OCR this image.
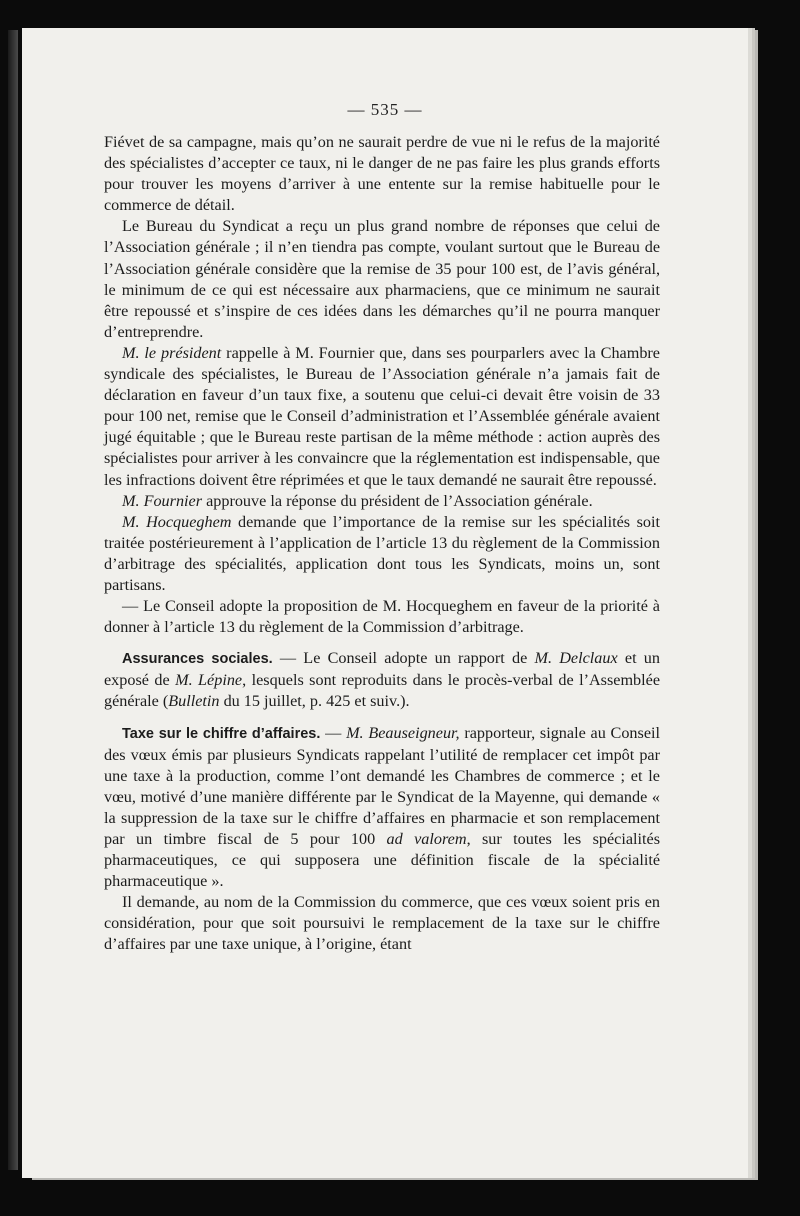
— 535 —

Fiévet de sa campagne, mais qu’on ne saurait perdre de vue ni le refus de la majorité des spécialistes d’accepter ce taux, ni le danger de ne pas faire les plus grands efforts pour trouver les moyens d’arriver à une entente sur la remise habituelle pour le commerce de détail.

Le Bureau du Syndicat a reçu un plus grand nombre de réponses que celui de l’Association générale ; il n’en tiendra pas compte, voulant surtout que le Bureau de l’Association générale considère que la remise de 35 pour 100 est, de l’avis général, le minimum de ce qui est nécessaire aux pharmaciens, que ce minimum ne saurait être repoussé et s’inspire de ces idées dans les démarches qu’il ne pourra manquer d’entreprendre.

M. le président rappelle à M. Fournier que, dans ses pourparlers avec la Chambre syndicale des spécialistes, le Bureau de l’Association générale n’a jamais fait de déclaration en faveur d’un taux fixe, a soutenu que celui-ci devait être voisin de 33 pour 100 net, remise que le Conseil d’administration et l’Assemblée générale avaient jugé équitable ; que le Bureau reste partisan de la même méthode : action auprès des spécialistes pour arriver à les convaincre que la réglementation est indispensable, que les infractions doivent être réprimées et que le taux demandé ne saurait être repoussé.

M. Fournier approuve la réponse du président de l’Association générale.

M. Hocqueghem demande que l’importance de la remise sur les spécialités soit traitée postérieurement à l’application de l’article 13 du règlement de la Commission d’arbitrage des spécialités, application dont tous les Syndicats, moins un, sont partisans.

— Le Conseil adopte la proposition de M. Hocqueghem en faveur de la priorité à donner à l’article 13 du règlement de la Commission d’arbitrage.

Assurances sociales. — Le Conseil adopte un rapport de M. Delclaux et un exposé de M. Lépine, lesquels sont reproduits dans le procès-verbal de l’Assemblée générale (Bulletin du 15 juillet, p. 425 et suiv.).

Taxe sur le chiffre d’affaires. — M. Beauseigneur, rapporteur, signale au Conseil des vœux émis par plusieurs Syndicats rappelant l’utilité de remplacer cet impôt par une taxe à la production, comme l’ont demandé les Chambres de commerce ; et le vœu, motivé d’une manière différente par le Syndicat de la Mayenne, qui demande « la suppression de la taxe sur le chiffre d’affaires en pharmacie et son remplacement par un timbre fiscal de 5 pour 100 ad valorem, sur toutes les spécialités pharmaceutiques, ce qui supposera une définition fiscale de la spécialité pharmaceutique ».

Il demande, au nom de la Commission du commerce, que ces vœux soient pris en considération, pour que soit poursuivi le remplacement de la taxe sur le chiffre d’affaires par une taxe unique, à l’origine, étant
